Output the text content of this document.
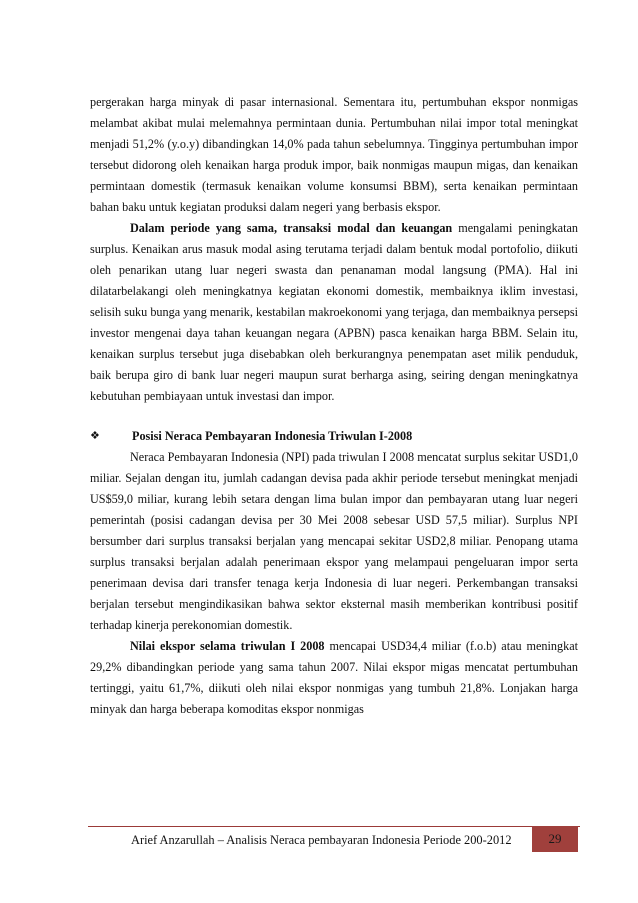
pergerakan harga minyak di pasar internasional. Sementara itu, pertumbuhan ekspor nonmigas melambat akibat mulai melemahnya permintaan dunia. Pertumbuhan nilai impor total meningkat menjadi 51,2% (y.o.y) dibandingkan 14,0% pada tahun sebelumnya. Tingginya pertumbuhan impor tersebut didorong oleh kenaikan harga produk impor, baik nonmigas maupun migas, dan kenaikan permintaan domestik (termasuk kenaikan volume konsumsi BBM), serta kenaikan permintaan bahan baku untuk kegiatan produksi dalam negeri yang berbasis ekspor.

Dalam periode yang sama, transaksi modal dan keuangan mengalami peningkatan surplus. Kenaikan arus masuk modal asing terutama terjadi dalam bentuk modal portofolio, diikuti oleh penarikan utang luar negeri swasta dan penanaman modal langsung (PMA). Hal ini dilatarbelakangi oleh meningkatnya kegiatan ekonomi domestik, membaiknya iklim investasi, selisih suku bunga yang menarik, kestabilan makroekonomi yang terjaga, dan membaiknya persepsi investor mengenai daya tahan keuangan negara (APBN) pasca kenaikan harga BBM. Selain itu, kenaikan surplus tersebut juga disebabkan oleh berkurangnya penempatan aset milik penduduk, baik berupa giro di bank luar negeri maupun surat berharga asing, seiring dengan meningkatnya kebutuhan pembiayaan untuk investasi dan impor.

❖	Posisi Neraca Pembayaran Indonesia Triwulan I-2008

Neraca Pembayaran Indonesia (NPI) pada triwulan I 2008 mencatat surplus sekitar USD1,0 miliar. Sejalan dengan itu, jumlah cadangan devisa pada akhir periode tersebut meningkat menjadi US$59,0 miliar, kurang lebih setara dengan lima bulan impor dan pembayaran utang luar negeri pemerintah (posisi cadangan devisa per 30 Mei 2008 sebesar USD 57,5 miliar). Surplus NPI bersumber dari surplus transaksi berjalan yang mencapai sekitar USD2,8 miliar. Penopang utama surplus transaksi berjalan adalah penerimaan ekspor yang melampaui pengeluaran impor serta penerimaan devisa dari transfer tenaga kerja Indonesia di luar negeri. Perkembangan transaksi berjalan tersebut mengindikasikan bahwa sektor eksternal masih memberikan kontribusi positif terhadap kinerja perekonomian domestik.

Nilai ekspor selama triwulan I 2008 mencapai USD34,4 miliar (f.o.b) atau meningkat 29,2% dibandingkan periode yang sama tahun 2007. Nilai ekspor migas mencatat pertumbuhan tertinggi, yaitu 61,7%, diikuti oleh nilai ekspor nonmigas yang tumbuh 21,8%. Lonjakan harga minyak dan harga beberapa komoditas ekspor nonmigas

Arief Anzarullah – Analisis Neraca pembayaran Indonesia Periode 200-2012	29
